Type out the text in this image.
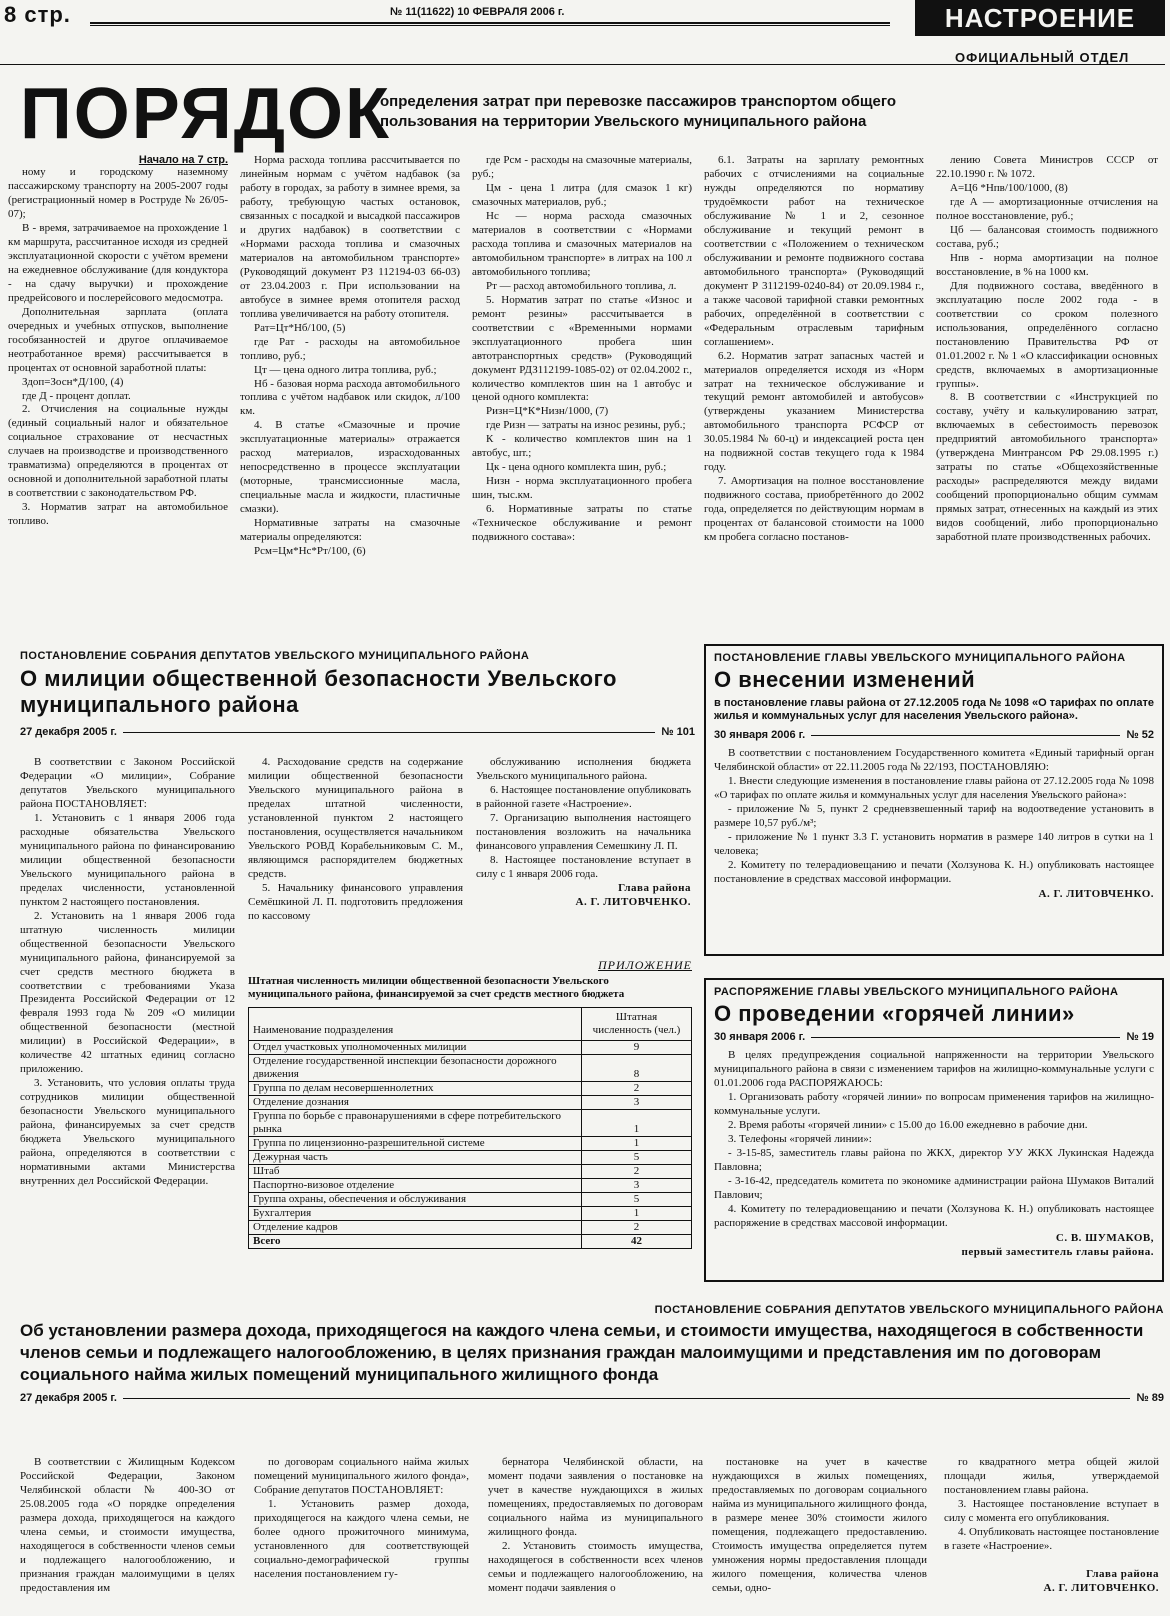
8 стр.	№ 11(11622) 10 ФЕВРАЛЯ 2006 г.	НАСТРОЕНИЕ
ОФИЦИАЛЬНЫЙ ОТДЕЛ
ПОРЯДОК
определения затрат при перевозке пассажиров транспортом общего пользования на территории Увельского муниципального района
Начало на 7 стр.

ному и городскому наземному пассажирскому транспорту на 2005-2007 годы (регистрационный номер в Роструде № 26/05-07);

В - время, затрачиваемое на прохождение 1 км маршрута, рассчитанное исходя из средней эксплуатационной скорости с учётом времени на ежедневное обслуживание (для кондуктора - на сдачу выручки) и прохождение предрейсового и послерейсового медосмотра.

Дополнительная зарплата (оплата очередных и учебных отпусков, выполнение гособязанностей и другое оплачиваемое неотработанное время) рассчитывается в процентах от основной заработной платы:

Здоп=Зосн*Д/100, (4)

где Д - процент доплат.

2. Отчисления на социальные нужды (единый социальный налог и обязательное социальное страхование от несчастных случаев на производстве и производственного травматизма) определяются в процентах от основной и дополнительной заработной платы в соответствии с законодательством РФ.

3. Норматив затрат на автомобильное топливо.

Норма расхода топлива рассчитывается по линейным нормам с учётом надбавок (за работу в городах, за работу в зимнее время, за работу, требующую частых остановок, связанных с посадкой и высадкой пассажиров и других надбавок) в соответствии с «Нормами расхода топлива и смазочных материалов на автомобильном транспорте» (Руководящий документ РЗ 112194-03 66-03) от 23.04.2003 г. При использовании на автобусе в зимнее время отопителя расход топлива увеличивается на работу отопителя.

Рат=Цт*Нб/100, (5)

где Рат - расходы на автомобильное топливо, руб.;

Цт — цена одного литра топлива, руб.;

Нб - базовая норма расхода автомобильного топлива с учётом надбавок или скидок, л/100 км.

4. В статье «Смазочные и прочие эксплуатационные материалы» отражается расход материалов, израсходованных непосредственно в процессе эксплуатации (моторные, трансмиссионные масла, специальные масла и жидкости, пластичные смазки).

Нормативные затраты на смазочные материалы определяются:

Рсм=Цм*Нс*Рт/100, (6)

где Рсм - расходы на смазочные материалы, руб.;

Цм - цена 1 литра (для смазок 1 кг) смазочных материалов, руб.;

Нс — норма расхода смазочных материалов в соответствии с «Нормами расхода топлива и смазочных материалов на автомобильном транспорте» в литрах на 100 л автомобильного топлива;

Рт — расход автомобильного топлива, л.

5. Норматив затрат по статье «Износ и ремонт резины» рассчитывается в соответствии с «Временными нормами эксплуатационного пробега шин автотранспортных средств» (Руководящий документ РДЗ112199-1085-02) от 02.04.2002 г., количество комплектов шин на 1 автобус и ценой одного комплекта:

Ризн=Ц*К*Низн/1000, (7)

где Ризн — затраты на износ резины, руб.;

К - количество комплектов шин на 1 автобус, шт.;

Цк - цена одного комплекта шин, руб.;

Низн - норма эксплуатационного пробега шин, тыс.км.

6. Нормативные затраты по статье «Техническое обслуживание и ремонт подвижного состава»:

6.1. Затраты на зарплату ремонтных рабочих с отчислениями на социальные нужды определяются по нормативу трудоёмкости работ на техническое обслуживание № 1 и 2, сезонное обслуживание и текущий ремонт в соответствии с «Положением о техническом обслуживании и ремонте подвижного состава автомобильного транспорта» (Руководящий документ Р 3112199-0240-84) от 20.09.1984 г., а также часовой тарифной ставки ремонтных рабочих, определённой в соответствии с «Федеральным отраслевым тарифным соглашением».

6.2. Норматив затрат запасных частей и материалов определяется исходя из «Норм затрат на техническое обслуживание и текущий ремонт автомобилей и автобусов» (утверждены указанием Министерства автомобильного транспорта РСФСР от 30.05.1984 № 60-ц) и индексацией роста цен на подвижной состав текущего года к 1984 году.

7. Амортизация на полное восстановление подвижного состава, приобретённого до 2002 года, определяется по действующим нормам в процентах от балансовой стоимости на 1000 км пробега согласно постанов-

лению Совета Министров СССР от 22.10.1990 г. № 1072.

А=Ц6 *Нпв/100/1000, (8)

где А — амортизационные отчисления на полное восстановление, руб.;

Цб — балансовая стоимость подвижного состава, руб.;

Нпв - норма амортизации на полное восстановление, в % на 1000 км.

Для подвижного состава, введённого в эксплуатацию после 2002 года - в соответствии со сроком полезного использования, определённого согласно постановлению Правительства РФ от 01.01.2002 г. № 1 «О классификации основных средств, включаемых в амортизационные группы».

8. В соответствии с «Инструкцией по составу, учёту и калькулированию затрат, включаемых в себестоимость перевозок предприятий автомобильного транспорта» (утверждена Минтрансом РФ 29.08.1995 г.) затраты по статье «Общехозяйственные расходы» распределяются между видами сообщений пропорционально общим суммам прямых затрат, отнесенных на каждый из этих видов сообщений, либо пропорционально заработной плате производственных рабочих.

ПОСТАНОВЛЕНИЕ СОБРАНИЯ ДЕПУТАТОВ УВЕЛЬСКОГО МУНИЦИПАЛЬНОГО РАЙОНА
О милиции общественной безопасности Увельского муниципального района
27 декабря 2005 г.	№ 101

В соответствии с Законом Российской Федерации «О милиции», Собрание депутатов Увельского муниципального района ПОСТАНОВЛЯЕТ:

1. Установить с 1 января 2006 года расходные обязательства Увельского муниципального района по финансированию милиции общественной безопасности Увельского муниципального района в пределах численности, установленной пунктом 2 настоящего постановления.

2. Установить на 1 января 2006 года штатную численность милиции общественной безопасности Увельского муниципального района, финансируемой за счет средств местного бюджета в соответствии с требованиями Указа Президента Российской Федерации от 12 февраля 1993 года № 209 «О милиции общественной безопасности (местной милиции) в Российской Федерации», в количестве 42 штатных единиц согласно приложению.

3. Установить, что условия оплаты труда сотрудников милиции общественной безопасности Увельского муниципального района, финансируемых за счет средств бюджета Увельского муниципального района, определяются в соответствии с нормативными актами Министерства внутренних дел Российской Федерации.

4. Расходование средств на содержание милиции общественной безопасности Увельского муниципального района в пределах штатной численности, установленной пунктом 2 настоящего постановления, осуществляется начальником Увельского РОВД Корабельниковым С. М., являющимся распорядителем бюджетных средств.

5. Начальнику финансового управления Семёшкиной Л. П. подготовить предложения по кассовому

обслуживанию исполнения бюджета Увельского муниципального района.

6. Настоящее постановление опубликовать в районной газете «Настроение».

7. Организацию выполнения настоящего постановления возложить на начальника финансового управления Семешкину Л. П.

8. Настоящее постановление вступает в силу с 1 января 2006 года.

Глава района
А. Г. ЛИТОВЧЕНКО.
ПРИЛОЖЕНИЕ
Штатная численность милиции общественной безопасности Увельского муниципального района, финансируемой за счет средств местного бюджета
Наименование подразделения	Штатная численность (чел.)
Отдел участковых уполномоченных милиции	9
Отделение государственной инспекции безопасности дорожного движения	8
Группа по делам несовершеннолетних	2
Отделение дознания	3
Группа по борьбе с правонарушениями в сфере потребительского рынка	1
Группа по лицензионно-разрешительной системе	1
Дежурная часть	5
Штаб	2
Паспортно-визовое отделение	3
Группа охраны, обеспечения и обслуживания	5
Бухгалтерия	1
Отделение кадров	2
Всего	42
ПОСТАНОВЛЕНИЕ ГЛАВЫ УВЕЛЬСКОГО МУНИЦИПАЛЬНОГО РАЙОНА
О внесении изменений
в постановление главы района от 27.12.2005 года № 1098 «О тарифах по оплате жилья и коммунальных услуг для населения Увельского района».
30 января 2006 г.	№ 52

В соответствии с постановлением Государственного комитета «Единый тарифный орган Челябинской области» от 22.11.2005 года № 22/193, ПОСТАНОВЛЯЮ:

1. Внести следующие изменения в постановление главы района от 27.12.2005 года № 1098 «О тарифах по оплате жилья и коммунальных услуг для населения Увельского района»:

- приложение № 5, пункт 2 средневзвешенный тариф на водоотведение установить в размере 10,57 руб./м³;

- приложение № 1 пункт 3.3 Г. установить норматив в размере 140 литров в сутки на 1 человека;

2. Комитету по телерадиовещанию и печати (Холзунова К. Н.) опубликовать настоящее постановление в средствах массовой информации.

А. Г. ЛИТОВЧЕНКО.
РАСПОРЯЖЕНИЕ ГЛАВЫ УВЕЛЬСКОГО МУНИЦИПАЛЬНОГО РАЙОНА
О проведении «горячей линии»
30 января 2006 г.	№ 19

В целях предупреждения социальной напряженности на территории Увельского муниципального района в связи с изменением тарифов на жилищно-коммунальные услуги с 01.01.2006 года РАСПОРЯЖАЮСЬ:

1. Организовать работу «горячей линии» по вопросам применения тарифов на жилищно-коммунальные услуги.

2. Время работы «горячей линии» с 15.00 до 16.00 ежедневно в рабочие дни.

3. Телефоны «горячей линии»:

- 3-15-85, заместитель главы района по ЖКХ, директор УУ ЖКХ Лукинская Надежда Павловна;

- 3-16-42, председатель комитета по экономике администрации района Шумаков Виталий Павлович;

4. Комитету по телерадиовещанию и печати (Холзунова К. Н.) опубликовать настоящее распоряжение в средствах массовой информации.

С. В. ШУМАКОВ,
первый заместитель главы района.
ПОСТАНОВЛЕНИЕ СОБРАНИЯ ДЕПУТАТОВ УВЕЛЬСКОГО МУНИЦИПАЛЬНОГО РАЙОНА
Об установлении размера дохода, приходящегося на каждого члена семьи, и стоимости имущества, находящегося в собственности членов семьи и подлежащего налогообложению, в целях признания граждан малоимущими и представления им по договорам социального найма жилых помещений муниципального жилищного фонда
27 декабря 2005 г.	№ 89

В соответствии с Жилищным Кодексом Российской Федерации, Законом Челябинской области № 400-ЗО от 25.08.2005 года «О порядке определения размера дохода, приходящегося на каждого члена семьи, и стоимости имущества, находящегося в собственности членов семьи и подлежащего налогообложению, и признания граждан малоимущими в целях предоставления им

по договорам социального найма жилых помещений муниципального жилого фонда», Собрание депутатов ПОСТАНОВЛЯЕТ:

1. Установить размер дохода, приходящегося на каждого члена семьи, не более одного прожиточного минимума, установленного для соответствующей социально-демографической группы населения постановлением гу-

бернатора Челябинской области, на момент подачи заявления о постановке на учет в качестве нуждающихся в жилых помещениях, предоставляемых по договорам социального найма из муниципального жилищного фонда.

2. Установить стоимость имущества, находящегося в собственности всех членов семьи и подлежащего налогообложению, на момент подачи заявления о

постановке на учет в качестве нуждающихся в жилых помещениях, предоставляемых по договорам социального найма из муниципального жилищного фонда, в размере менее 30% стоимости жилого помещения, подлежащего предоставлению. Стоимость имущества определяется путем умножения нормы предоставления площади жилого помещения, количества членов семьи, одно-

го квадратного метра общей жилой площади жилья, утверждаемой постановлением главы района.

3. Настоящее постановление вступает в силу с момента его опубликования.

4. Опубликовать настоящее постановление в газете «Настроение».

Глава района
А. Г. ЛИТОВЧЕНКО.
